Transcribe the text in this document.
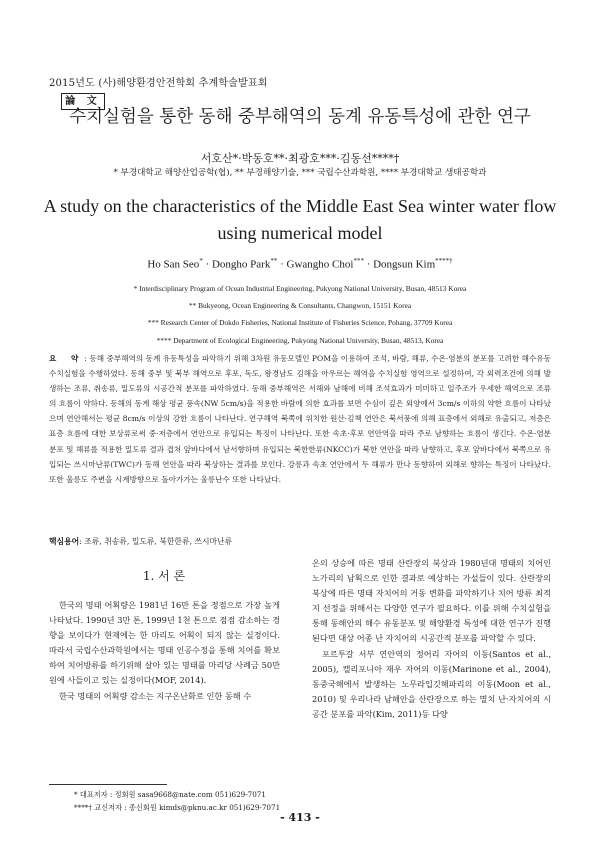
2015년도 (사)해양환경안전학회 추계학술발표회
論 文
수치실험을 통한 동해 중부해역의 동계 유동특성에 관한 연구
서호산*·박동호**·최광호***·김동선****†
* 부경대학교 해양산업공학(협), ** 부경해양기술, *** 국립수산과학원, **** 부경대학교 생태공학과
A study on the characteristics of the Middle East Sea winter water flow
using numerical model
Ho San Seo* · Dongho Park** · Gwangho Choi*** · Dongsun Kim****†
* Interdisciplinary Program of Ocean Industrial Engineering, Pukyong National University, Busan, 48513 Korea
** Bukyeong, Ocean Engineering & Consultants, Changwon, 15151 Korea
*** Research Center of Dokdo Fisheries, National Institute of Fisheries Science, Pohang, 37709 Korea
**** Department of Ecological Engineering, Pukyong National University, Busan, 48513, Korea
요 약: 동해 중부해역의 동계 유동특성을 파악하기 위해 3차원 유동모델인 POM을 이용하여 조석, 바람, 해류, 수온·염분의 분포를 고려한 해수유동 수치실험을 수행하였다. 동해 중부 및 북부 해역으로 후포, 독도, 왕경남도 김해을 아우르는 해역을 수치실험 영역으로 설정하여, 각 외력조건에 의해 발생하는 조류, 취송류, 밀도류의 시공간적 분포를 파악하였다. 동해 중부해역은 서해와 남해에 비해 조석효과가 미미하고 일주조가 우세한 해역으로 조류의 흐름이 약하다. 동해의 동계 해상 평균 풍속(NW 5cm/s)을 적용한 바람에 의한 효과를 보면 수심이 깊은 외양에서 3cm/s 이하의 약한 흐름이 나타났으며 연안해서는 평균 8cm/s 이상의 강한 흐름이 나타난다. 연구해역 북쪽에 위치한 원산·김책 연안은 북서풍에 의해 표층에서 외해로 유출되고, 저층은 표층 흐름에 대한 보상류로써 중·저층에서 연안으로 유입되는 특징이 나타난다. 또한 속초·후포 연안역을 따라 주로 남향하는 흐름이 생긴다. 수온·염분 분포 및 해류를 적용한 밀도류 결과 겹쳐 앞바다에서 남서향하며 유입되는 북한한류(NKCC)가 북한 연안을 따라 남향하고, 후포 앞바다에서 북쪽으로 유입되는 쓰시마난류(TWC)가 동해 연안을 따라 북상하는 결과를 보인다. 강릉과 속초 연안에서 두 해류가 만나 동향하여 외해로 향하는 특징이 나타났다. 또한 울릉도 주변을 시계방향으로 돌아가가는 울릉난수 또한 나타났다.
핵심용어: 조류, 취송류, 밀도류, 북한한류, 쓰시마난류
1. 서 론

한국의 명태 어획량은 1981년 16만 톤을 정점으로 가장 높게 나타났다. 1990년 3만 톤, 1999년 1천 톤으로 점점 감소하는 경향을 보이다가 현재에는 한 마리도 어획이 되지 않는 실정이다. 따라서 국립수산과학원에서는 명태 인공수정을 통해 치어를 확보하여 치어방류를 하기위해 살아 있는 명태를 마리당 사례금 50만원에 사들이고 있는 실정이다(MOF, 2014).

한국 명태의 어획량 감소는 지구온난화로 인한 동해 수

온의 상승에 따른 명태 산란장의 북상과 1980년대 명태의 치어인 노가리의 남획으로 인한 결과로 예상하는 가설들이 있다. 산란장의 북상에 따른 명태 자치어의 거동 변화를 파악하기나 치어 방류 최적지 선정을 위해서는 다양한 연구가 필요하다. 이를 위해 수치실험을 통해 동해안의 해수 유동분포 및 해양환경 특성에 대한 연구가 진행된다면 대상 어종 난 자치어의 시공간적 분포를 파악할 수 있다.

포르투갈 서부 연안역의 정어리 자어의 이동(Santos et al., 2005), 캘리포니아 재우 자어의 이동(Marinone et al., 2004), 동중국해에서 발생하는 노무라입깃해파리의 이동(Moon et al., 2010) 및 우리나라 남해안을 산란장으로 하는 멸치 난·자치어의 시공간 분포를 파악(Kim, 2011)등 다양

* 대표저자 : 정회원 sasa9668@nate.com 051)629-7071
****† 교신저자 : 종신회원 kimds@pknu.ac.kr 051)629-7071
- 413 -
